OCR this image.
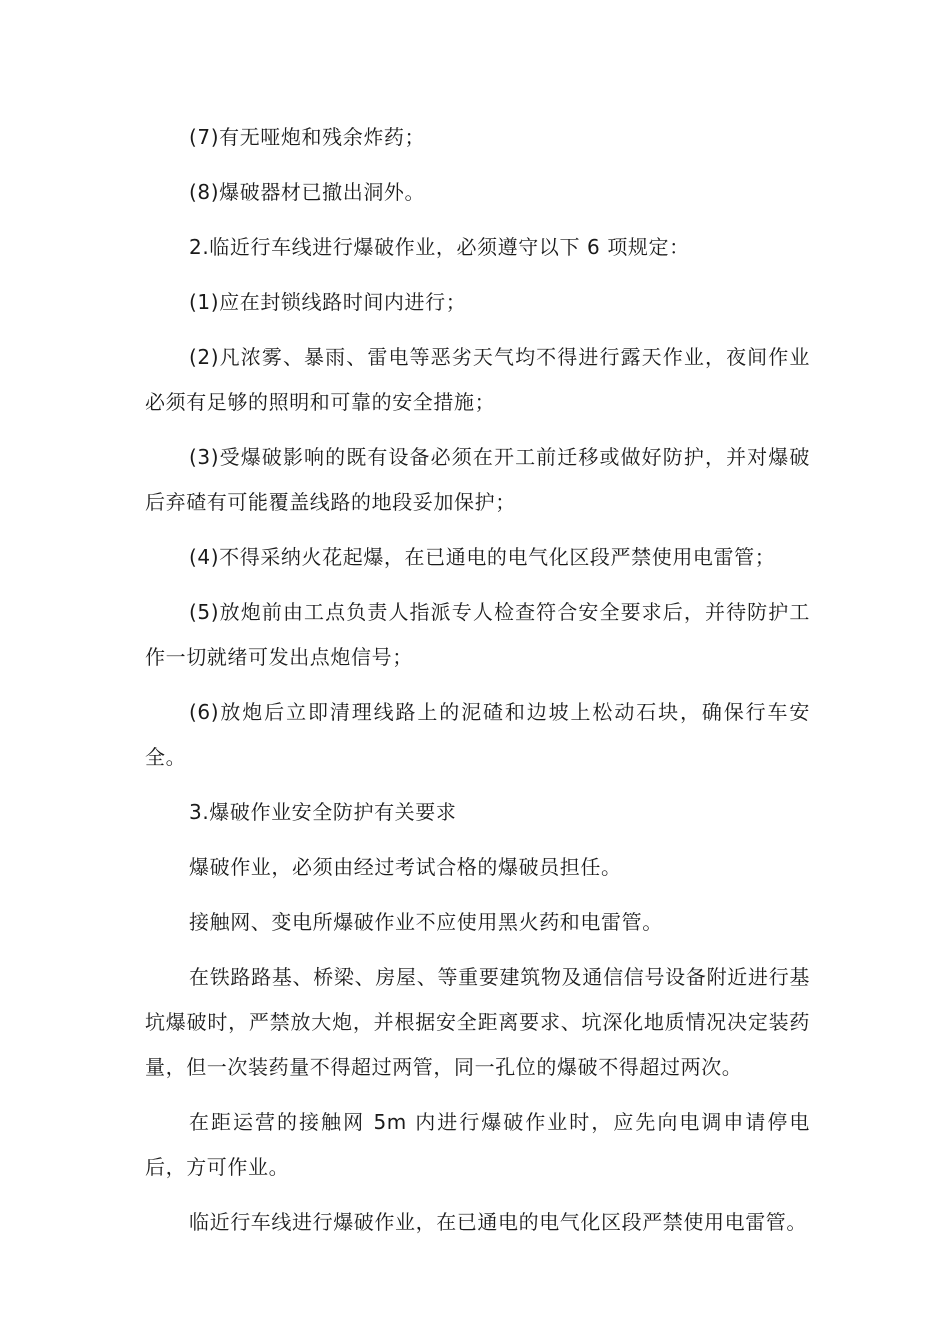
(7)有无哑炮和残余炸药；

(8)爆破器材已撤出洞外。

2.临近行车线进行爆破作业，必须遵守以下 6 项规定：

(1)应在封锁线路时间内进行；

(2)凡浓雾、暴雨、雷电等恶劣天气均不得进行露天作业，夜间作业必须有足够的照明和可靠的安全措施；

(3)受爆破影响的既有设备必须在开工前迁移或做好防护，并对爆破后弃碴有可能覆盖线路的地段妥加保护；

(4)不得采纳火花起爆，在已通电的电气化区段严禁使用电雷管；

(5)放炮前由工点负责人指派专人检查符合安全要求后，并待防护工作一切就绪可发出点炮信号；

(6)放炮后立即清理线路上的泥碴和边坡上松动石块，确保行车安全。

3.爆破作业安全防护有关要求

爆破作业，必须由经过考试合格的爆破员担任。

接触网、变电所爆破作业不应使用黑火药和电雷管。

在铁路路基、桥梁、房屋、等重要建筑物及通信信号设备附近进行基坑爆破时，严禁放大炮，并根据安全距离要求、坑深化地质情况决定装药量，但一次装药量不得超过两管，同一孔位的爆破不得超过两次。

在距运营的接触网 5m 内进行爆破作业时，应先向电调申请停电后，方可作业。

临近行车线进行爆破作业，在已通电的电气化区段严禁使用电雷管。
